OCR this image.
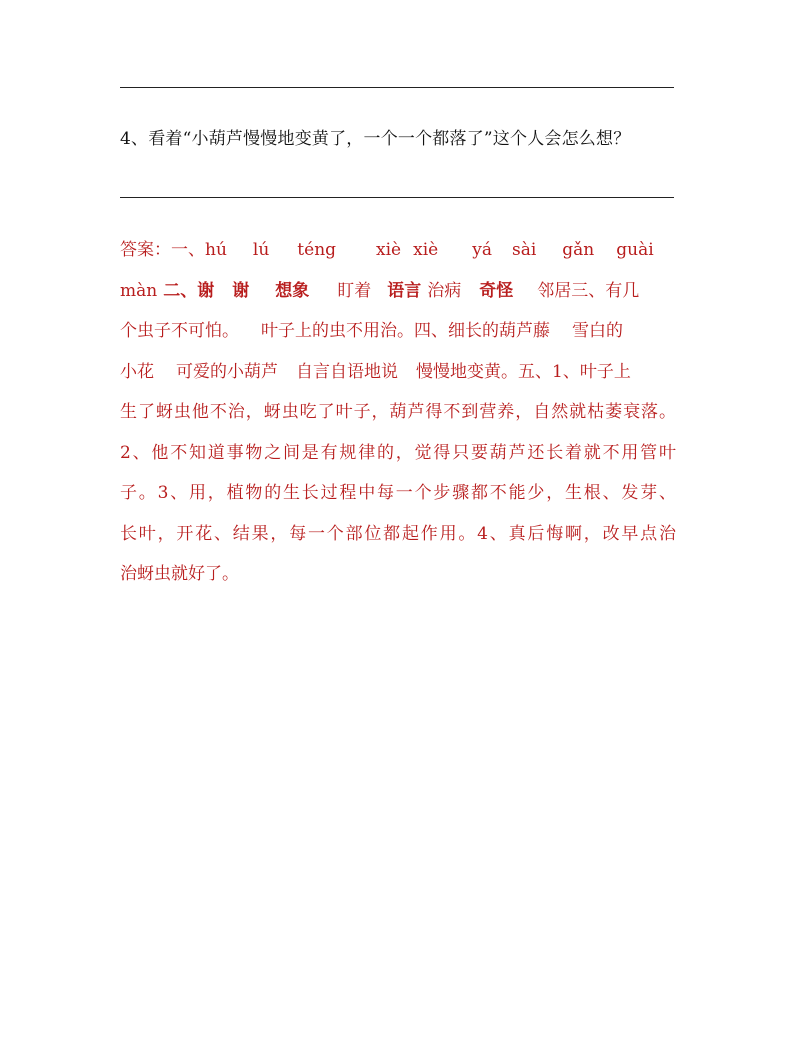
4、看着“小葫芦慢慢地变黄了，一个一个都落了”这个人会怎么想？
答案：一、hú lú téng xiè xiè yá sài gǎn guài
màn 二、谢 谢 想象 盯着 语言 治病 奇怪 邻居三、有几
个虫子不可怕。 叶子上的虫不用治。四、细长的葫芦藤 雪白的
小花 可爱的小葫芦 自言自语地说 慢慢地变黄。五、1、叶子上
生了蚜虫他不治，蚜虫吃了叶子，葫芦得不到营养，自然就枯萎衰落。
2、他不知道事物之间是有规律的，觉得只要葫芦还长着就不用管叶
子。3、用，植物的生长过程中每一个步骤都不能少，生根、发芽、
长叶，开花、结果，每一个部位都起作用。4、真后悔啊，改早点治
治蚜虫就好了。
